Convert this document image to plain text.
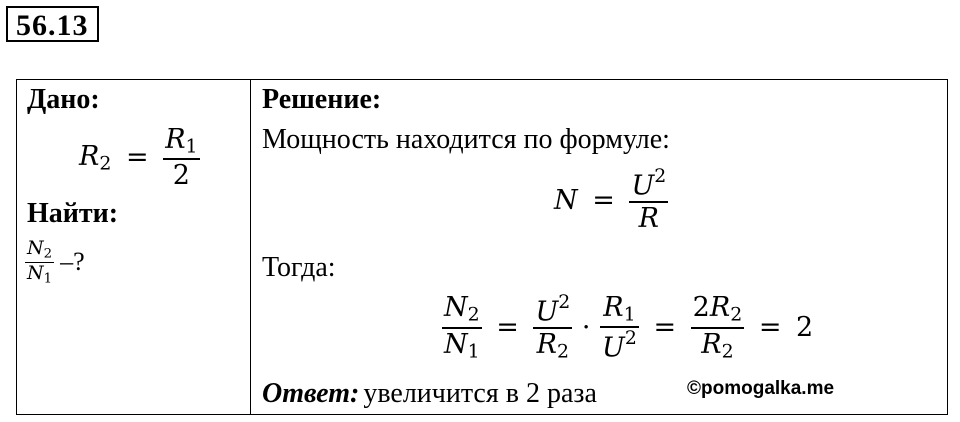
56.13
Дано:
$R_2 = \frac{R_1}{2}$
Найти:
$\frac{N_2}{N_1}$ –?
Решение:
Мощность находится по формуле:
$N = \frac{U^2}{R}$
Тогда:
$\frac{N_2}{N_1} = \frac{U^2}{R_2} \cdot \frac{R_1}{U^2} = \frac{2R_2}{R_2} = 2$
Ответ: увеличится в 2 раза	©pomogalka.me
